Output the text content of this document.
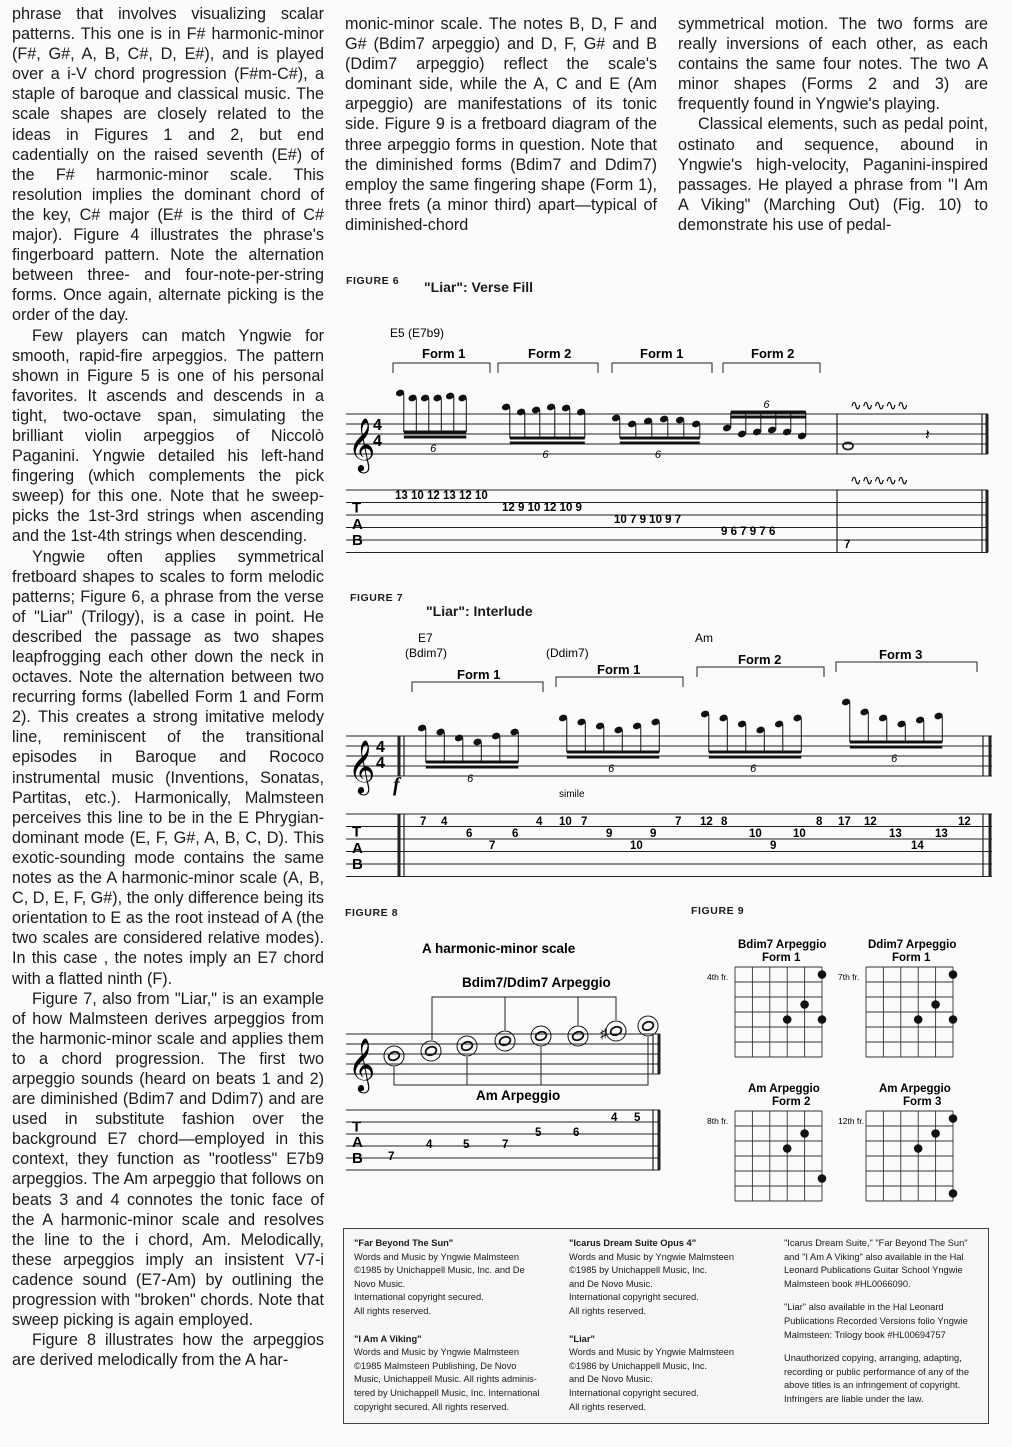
phrase that involves visualizing scalar patterns. This one is in F# harmonic-minor (F#, G#, A, B, C#, D, E#), and is played over a i-V chord progression (F#m-C#), a staple of baroque and classical music. The scale shapes are closely related to the ideas in Figures 1 and 2, but end cadentially on the raised seventh (E#) of the F# harmonic-minor scale. This resolution implies the dominant chord of the key, C# major (E# is the third of C# major). Figure 4 illustrates the phrase's fingerboard pattern. Note the alternation between three- and four-note-per-string forms. Once again, alternate picking is the order of the day.

Few players can match Yngwie for smooth, rapid-fire arpeggios. The pattern shown in Figure 5 is one of his personal favorites. It ascends and descends in a tight, two-octave span, simulating the brilliant violin arpeggios of Niccolò Paganini. Yngwie detailed his left-hand fingering (which complements the pick sweep) for this one. Note that he sweep-picks the 1st-3rd strings when ascending and the 1st-4th strings when descending.

Yngwie often applies symmetrical fretboard shapes to scales to form melodic patterns; Figure 6, a phrase from the verse of "Liar" (Trilogy), is a case in point. He described the passage as two shapes leapfrogging each other down the neck in octaves. Note the alternation between two recurring forms (labelled Form 1 and Form 2). This creates a strong imitative melody line, reminiscent of the transitional episodes in Baroque and Rococo instrumental music (Inventions, Sonatas, Partitas, etc.). Harmonically, Malmsteen perceives this line to be in the E Phrygian-dominant mode (E, F, G#, A, B, C, D). This exotic-sounding mode contains the same notes as the A harmonic-minor scale (A, B, C, D, E, F, G#), the only difference being its orientation to E as the root instead of A (the two scales are considered relative modes). In this case , the notes imply an E7 chord with a flatted ninth (F).

Figure 7, also from "Liar," is an example of how Malmsteen derives arpeggios from the harmonic-minor scale and applies them to a chord progression. The first two arpeggio sounds (heard on beats 1 and 2) are diminished (Bdim7 and Ddim7) and are used in substitute fashion over the background E7 chord—employed in this context, they function as "rootless" E7b9 arpeggios. The Am arpeggio that follows on beats 3 and 4 connotes the tonic face of the A harmonic-minor scale and resolves the line to the i chord, Am. Melodically, these arpeggios imply an insistent V7-i cadence sound (E7-Am) by outlining the progression with "broken" chords. Note that sweep picking is again employed.

Figure 8 illustrates how the arpeggios are derived melodically from the A har-

monic-minor scale. The notes B, D, F and G# (Bdim7 arpeggio) and D, F, G# and B (Ddim7 arpeggio) reflect the scale's dominant side, while the A, C and E (Am arpeggio) are manifestations of its tonic side. Figure 9 is a fretboard diagram of the three arpeggio forms in question. Note that the diminished forms (Bdim7 and Ddim7) employ the same fingering shape (Form 1), three frets (a minor third) apart—typical of diminished-chord

symmetrical motion. The two forms are really inversions of each other, as each contains the same four notes. The two A minor shapes (Forms 2 and 3) are frequently found in Yngwie's playing.

Classical elements, such as pedal point, ostinato and sequence, abound in Yngwie's high-velocity, Paganini-inspired passages. He played a phrase from "I Am A Viking" (Marching Out) (Fig. 10) to demonstrate his use of pedal-

FIGURE 6 "Liar": Verse Fill
FIGURE 7
"Liar": Interlude
FIGURE 8	FIGURE 9
E5 (E7b9)
Form 1	Form 2	Form 1	Form 2
𝄞
4
4	6	6	6
6	∿∿∿∿∿
𝄽
T
A
B
13 10 12 13 12 10
12 9 10 12 10 9
10 7 9 10 9 7
9 6 7 9 7 6
7
∿∿∿∿∿
E7
(Bdim7)	(Ddim7)
Am
f	simile
Form 1	Form 1
Form 2	Form 3
𝄞 4
4
6
6	6
6
T
A
B
7 4
6
7
6
4 10 7
9
10
9
7 12 8
10
9
10
8 17 12
13
14
13
12
A harmonic-minor scale
Bdim7/Ddim7 Arpeggio
Am Arpeggio
𝄞
♯
T
A
B 7
4	5	7
5	6
4 5
Bdim7 Arpeggio
Form 1
4th fr.
Ddim7 Arpeggio
Form 1
7th fr.
Am Arpeggio
Form 2
8th fr.
Am Arpeggio
Form 3
12th fr.
"Far Beyond The Sun"
Words and Music by Yngwie Malmsteen
©1985 by Unichappell Music, Inc. and De
Novo Music.
International copyright secured.
All rights reserved.
"I Am A Viking"
Words and Music by Yngwie Malmsteen
©1985 Malmsteen Publishing, De Novo
Music, Unichappell Music. All rights adminis-
tered by Unichappell Music, Inc. International
copyright secured. All rights reserved.
"Icarus Dream Suite Opus 4"
Words and Music by Yngwie Malmsteen
©1985 by Unichappell Music, Inc.
and De Novo Music.
International copyright secured.
All rights reserved.
"Liar"
Words and Music by Yngwie Malmsteen
©1986 by Unichappell Music, Inc.
and De Novo Music.
International copyright secured.
All rights reserved.
"Icarus Dream Suite," "Far Beyond The Sun" and "I Am A Viking" also available in the Hal Leonard Publications Guitar School Yngwie Malmsteen book #HL0066090.
"Liar" also available in the Hal Leonard Publications Recorded Versions folio Yngwie Malmsteen: Trilogy book #HL00694757
Unauthorized copying, arranging, adapting, recording or public performance of any of the above titles is an infringement of copyright. Infringers are liable under the law.
